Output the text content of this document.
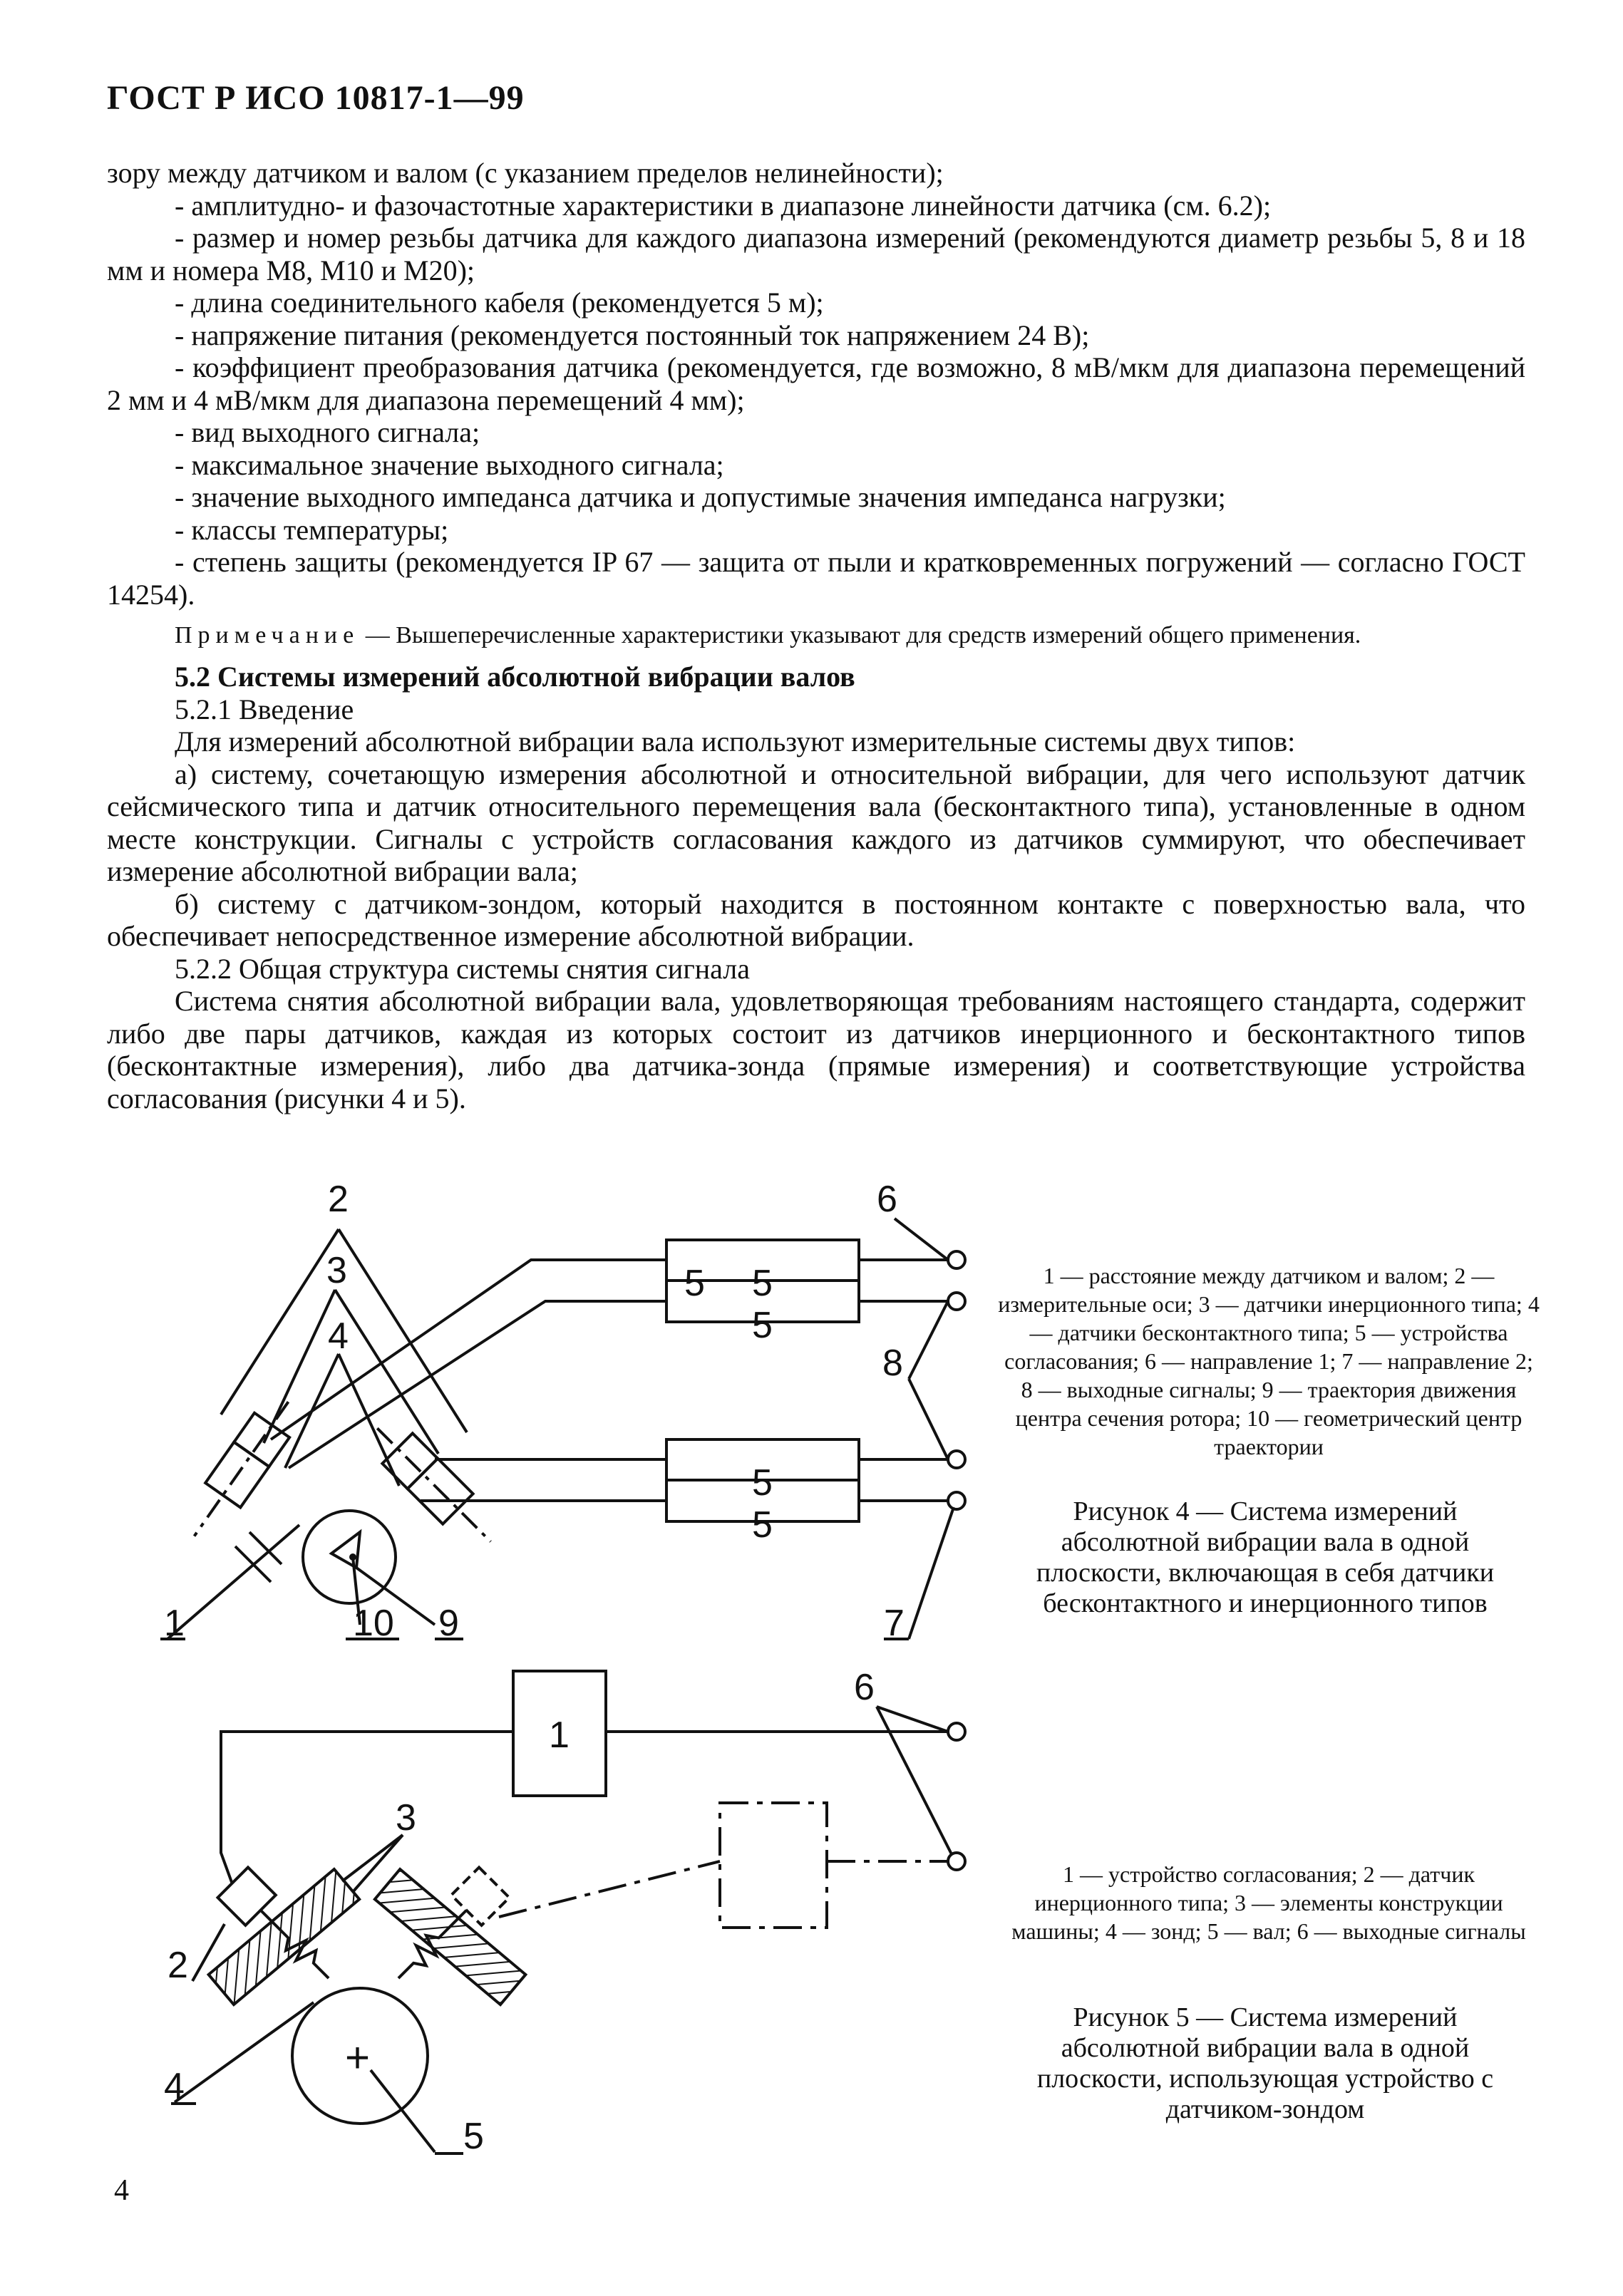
ГОСТ Р ИСО 10817-1—99

зору между датчиком и валом (с указанием пределов нелинейности);

- амплитудно- и фазочастотные характеристики в диапазоне линейности датчика (см. 6.2);

- размер и номер резьбы датчика для каждого диапазона измерений (рекомендуются диаметр резьбы 5, 8 и 18 мм и номера М8, М10 и М20);

- длина соединительного кабеля (рекомендуется 5 м);

- напряжение питания (рекомендуется постоянный ток напряжением 24 В);

- коэффициент преобразования датчика (рекомендуется, где возможно, 8 мВ/мкм для диапазона перемещений 2 мм и 4 мВ/мкм для диапазона перемещений 4 мм);

- вид выходного сигнала;

- максимальное значение выходного сигнала;

- значение выходного импеданса датчика и допустимые значения импеданса нагрузки;

- классы температуры;

- степень защиты (рекомендуется IP 67 — защита от пыли и кратковременных погружений — согласно ГОСТ 14254).

Примечание — Вышеперечисленные характеристики указывают для средств измерений общего применения.

5.2 Системы измерений абсолютной вибрации валов

5.2.1 Введение

Для измерений абсолютной вибрации вала используют измерительные системы двух типов:

а) систему, сочетающую измерения абсолютной и относительной вибрации, для чего используют датчик сейсмического типа и датчик относительного перемещения вала (бесконтактного типа), установленные в одном месте конструкции. Сигналы с устройств согласования каждого из датчиков суммируют, что обеспечивает измерение абсолютной вибрации вала;

б) систему с датчиком-зондом, который находится в постоянном контакте с поверхностью вала, что обеспечивает непосредственное измерение абсолютной вибрации.

5.2.2 Общая структура системы снятия сигнала

Система снятия абсолютной вибрации вала, удовлетворяющая требованиям настоящего стандарта, содержит либо две пары датчиков, каждая из которых состоит из датчиков инерционного и бесконтактного типов (бесконтактные измерения), либо два датчика-зонда (прямые измерения) и соответствующие устройства согласования (рисунки 4 и 5).

5 5
5
5
5
2
3
4
6
8
1	10 9	7
1
6
3
2
4
5
+
1 — расстояние между датчиком и валом; 2 — измерительные оси; 3 — датчики инерционного типа; 4 — датчики бесконтактного типа; 5 — устройства согласования; 6 — направление 1; 7 — направление 2; 8 — выходные сигналы; 9 — траектория движения центра сечения ротора; 10 — геометрический центр траектории
Рисунок 4 — Система измерений абсолютной вибрации вала в одной плоскости, включающая в себя датчики бесконтактного и инерционного типов
1 — устройство согласования; 2 — датчик инерционного типа; 3 — элементы конструкции машины; 4 — зонд; 5 — вал; 6 — выходные сигналы
Рисунок 5 — Система измерений абсолютной вибрации вала в одной плоскости, использующая устройство с датчиком-зондом
4
